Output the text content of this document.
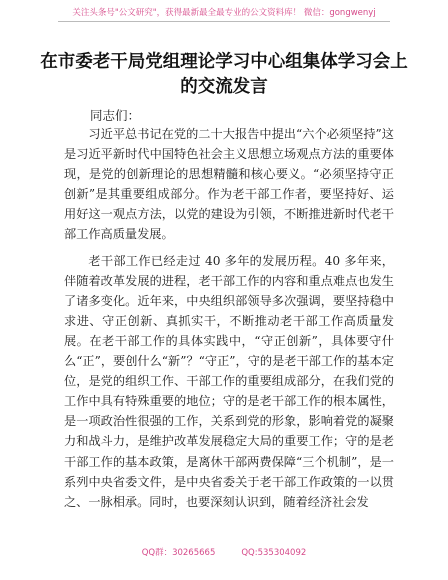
关注头条号"公文研究"，获得最新最全最专业的公文资料库！ 微信：gongwenyj
在市委老干局党组理论学习中心组集体学习会上的交流发言
同志们：

习近平总书记在党的二十大报告中提出“六个必须坚持”这是习近平新时代中国特色社会主义思想立场观点方法的重要体现，是党的创新理论的思想精髓和核心要义。“必须坚持守正创新”是其重要组成部分。作为老干部工作者，要坚持好、运用好这一观点方法，以党的建设为引领，不断推进新时代老干部工作高质量发展。

老干部工作已经走过 40 多年的发展历程。40 多年来，伴随着改革发展的进程，老干部工作的内容和重点难点也发生了诸多变化。近年来，中央组织部领导多次强调，要坚持稳中求进、守正创新、真抓实干，不断推动老干部工作高质量发展。在老干部工作的具体实践中，“守正创新”，具体要守什么“正”，要创什么“新”？“守正”，守的是老干部工作的基本定位，是党的组织工作、干部工作的重要组成部分，在我们党的工作中具有特殊重要的地位；守的是老干部工作的根本属性，是一项政治性很强的工作，关系到党的形象，影响着党的凝聚力和战斗力，是维护改革发展稳定大局的重要工作；守的是老干部工作的基本政策，是离休干部两费保障“三个机制”，是一系列中央省委文件，是中央省委关于老干部工作政策的一以贯之、一脉相承。同时，也要深刻认识到，随着经济社会发

QQ群：30265665	QQ:535304092
